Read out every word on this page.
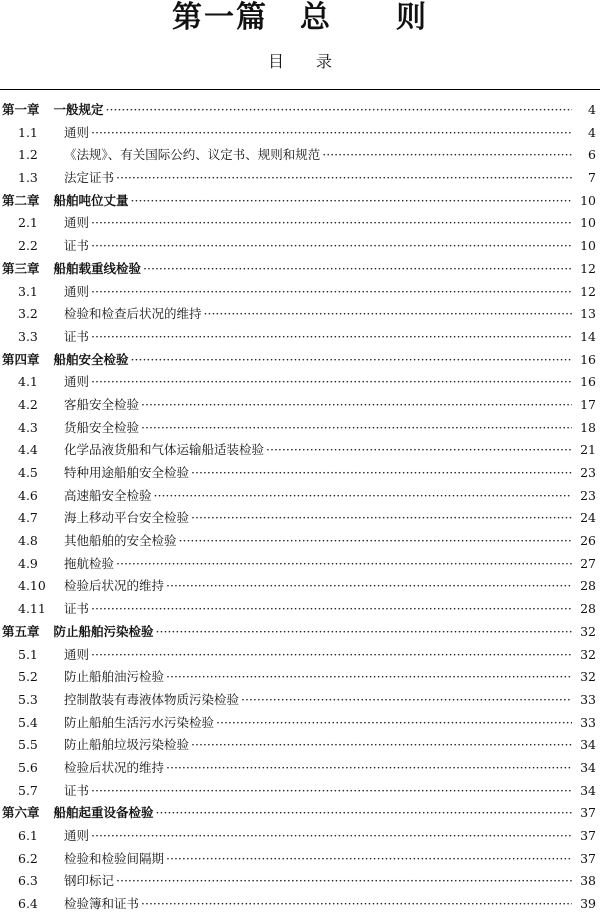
第一篇　总　　则
目　　录
第一章 一般规定 ·····	4
1.1	通则 ·····	4
1.2	《法规》、有关国际公约、议定书、规则和规范 ·····	6
1.3	法定证书 ·····	7
第二章 船舶吨位丈量 ·····	10
2.1	通则 ·····	10
2.2	证书 ·····	10
第三章 船舶载重线检验 ·····	12
3.1	通则 ·····	12
3.2	检验和检查后状况的维持 ·····	13
3.3	证书 ·····	14
第四章 船舶安全检验 ·····	16
4.1	通则 ·····	16
4.2	客船安全检验 ·····	17
4.3	货船安全检验 ·····	18
4.4	化学品液货船和气体运输船适装检验 ·····	21
4.5	特种用途船舶安全检验 ·····	23
4.6	高速船安全检验 ·····	23
4.7	海上移动平台安全检验 ·····	24
4.8	其他船舶的安全检验 ·····	26
4.9	拖航检验 ·····	27
4.10	检验后状况的维持 ·····	28
4.11	证书 ·····	28
第五章 防止船舶污染检验 ·····	32
5.1	通则 ·····	32
5.2	防止船舶油污检验 ·····	32
5.3	控制散装有毒液体物质污染检验 ·····	33
5.4	防止船舶生活污水污染检验 ·····	33
5.5	防止船舶垃圾污染检验 ·····	34
5.6	检验后状况的维持 ·····	34
5.7	证书 ·····	34
第六章 船舶起重设备检验 ·····	37
6.1	通则 ·····	37
6.2	检验和检验间隔期 ·····	37
6.3	钢印标记 ·····	38
6.4	检验簿和证书 ·····	39
